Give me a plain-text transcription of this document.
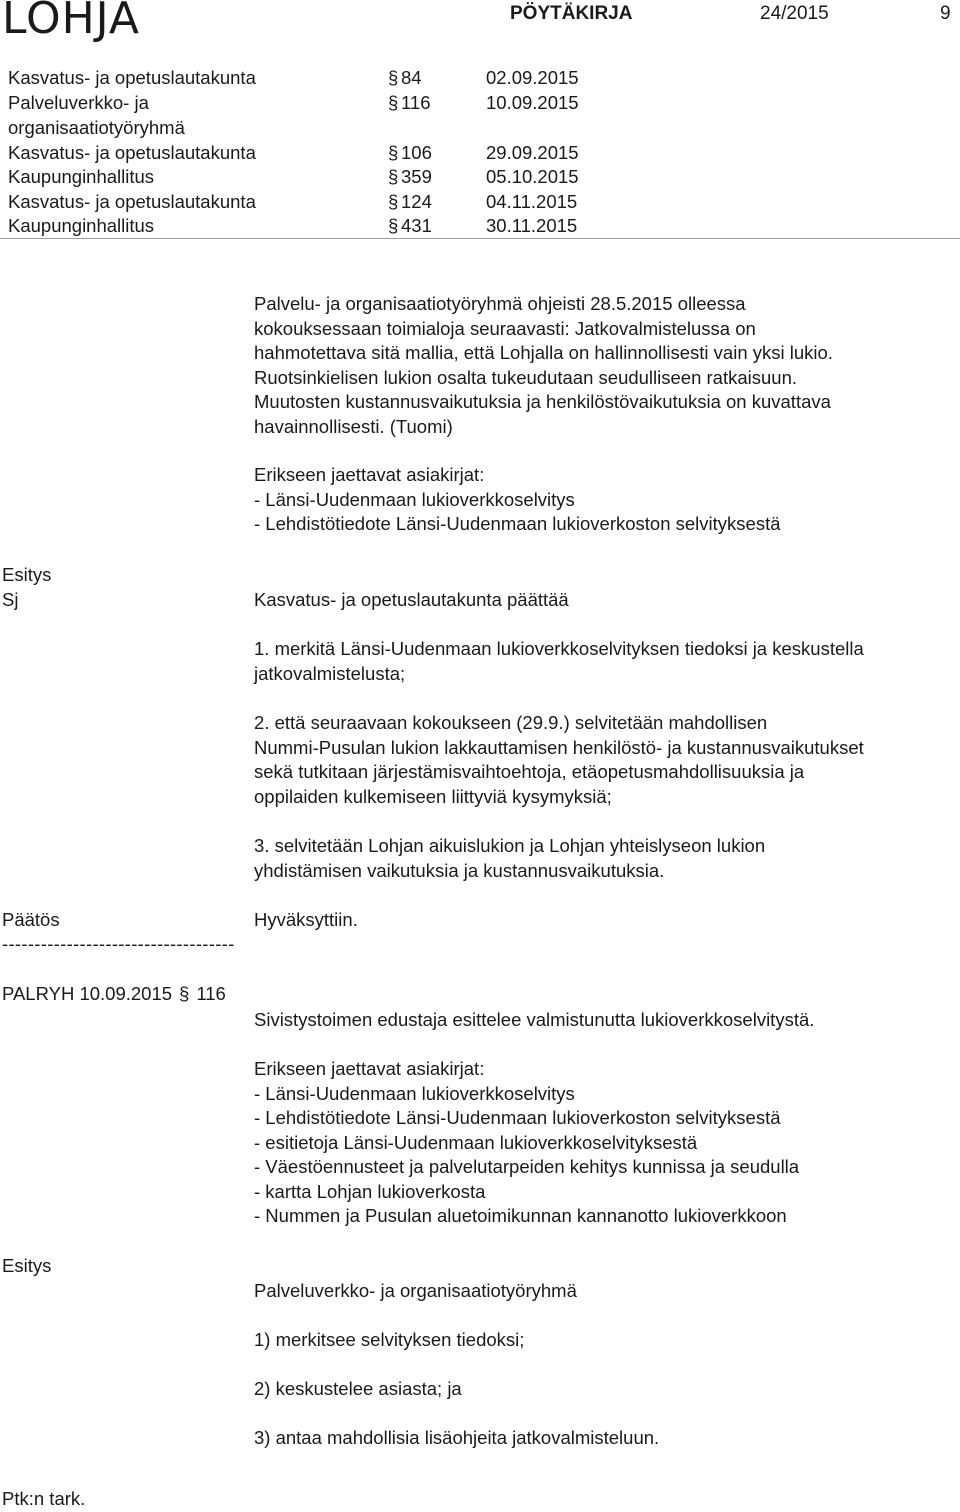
LOHJA	PÖYTÄKIRJA	24/2015	9
Kasvatus- ja opetuslautakunta	§ 84	02.09.2015
Palveluverkko- ja	§ 116	10.09.2015
organisaatiotyöryhmä
Kasvatus- ja opetuslautakunta	§ 106	29.09.2015
Kaupunginhallitus	§ 359	05.10.2015
Kasvatus- ja opetuslautakunta	§ 124	04.11.2015
Kaupunginhallitus	§ 431	30.11.2015
Palvelu- ja organisaatiotyöryhmä ohjeisti 28.5.2015 olleessa
kokouksessaan toimialoja seuraavasti: Jatkovalmistelussa on
hahmotettava sitä mallia, että Lohjalla on hallinnollisesti vain yksi lukio.
Ruotsinkielisen lukion osalta tukeudutaan seudulliseen ratkaisuun.
Muutosten kustannusvaikutuksia ja henkilöstövaikutuksia on kuvattava
havainnollisesti. (Tuomi)
Erikseen jaettavat asiakirjat:
- Länsi-Uudenmaan lukioverkkoselvitys
- Lehdistötiedote Länsi-Uudenmaan lukioverkoston selvityksestä
Esitys
Sj	Kasvatus- ja opetuslautakunta päättää
1. merkitä Länsi-Uudenmaan lukioverkkoselvityksen tiedoksi ja keskustella
jatkovalmistelusta;
2. että seuraavaan kokoukseen (29.9.) selvitetään mahdollisen
Nummi-Pusulan lukion lakkauttamisen henkilöstö- ja kustannusvaikutukset
sekä tutkitaan järjestämisvaihtoehtoja, etäopetusmahdollisuuksia ja
oppilaiden kulkemiseen liittyviä kysymyksiä;
3. selvitetään Lohjan aikuislukion ja Lohjan yhteislyseon lukion
yhdistämisen vaikutuksia ja kustannusvaikutuksia.
Päätös	Hyväksyttiin.
------------------------------------
PALRYH 10.09.2015 § 116
Sivistystoimen edustaja esittelee valmistunutta lukioverkkoselvitystä.
Erikseen jaettavat asiakirjat:
- Länsi-Uudenmaan lukioverkkoselvitys
- Lehdistötiedote Länsi-Uudenmaan lukioverkoston selvityksestä
- esitietoja Länsi-Uudenmaan lukioverkkoselvityksestä
- Väestöennusteet ja palvelutarpeiden kehitys kunnissa ja seudulla
- kartta Lohjan lukioverkosta
- Nummen ja Pusulan aluetoimikunnan kannanotto lukioverkkoon
Esitys
Palveluverkko- ja organisaatiotyöryhmä
1) merkitsee selvityksen tiedoksi;
2) keskustelee asiasta; ja
3) antaa mahdollisia lisäohjeita jatkovalmisteluun.
Ptk:n tark.
